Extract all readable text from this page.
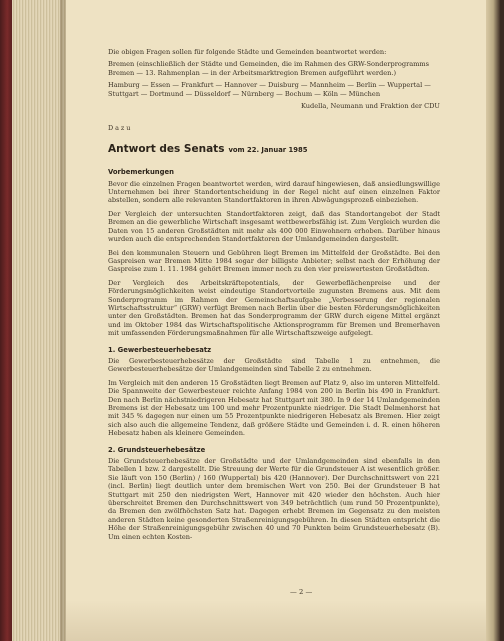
Die obigen Fragen sollen für folgende Städte und Gemeinden beantwortet werden:

Bremen (einschließlich der Städte und Gemeinden, die im Rahmen des GRW-Sonderprogramms Bremen — 13. Rahmenplan — in der Arbeitsmarktregion Bremen aufgeführt werden.)

Hamburg — Essen — Frankfurt — Hannover — Duisburg — Mannheim — Berlin — Wuppertal — Stuttgart — Dortmund — Düsseldorf — Nürnberg — Bochum — Köln — München

Kudella, Neumann und Fraktion der CDU

Dazu

Antwort des Senats vom 22. Januar 1985
Vorbemerkungen

Bevor die einzelnen Fragen beantwortet werden, wird darauf hingewiesen, daß ansiedlungswillige Unternehmen bei ihrer Standortentscheidung in der Regel nicht auf einen einzelnen Faktor abstellen, sondern alle relevanten Standortfaktoren in ihren Abwägungsprozeß einbeziehen.

Der Vergleich der untersuchten Standortfaktoren zeigt, daß das Standortangebot der Stadt Bremen an die gewerbliche Wirtschaft insgesamt wettbewerbsfähig ist. Zum Vergleich wurden die Daten von 15 anderen Großstädten mit mehr als 400 000 Einwohnern erhoben. Darüber hinaus wurden auch die entsprechenden Standortfaktoren der Umlandgemeinden dargestellt.

Bei den kommunalen Steuern und Gebühren liegt Bremen im Mittelfeld der Großstädte. Bei den Gaspreisen war Bremen Mitte 1984 sogar der billigste Anbieter; selbst nach der Erhöhung der Gaspreise zum 1. 11. 1984 gehört Bremen immer noch zu den vier preiswertesten Großstädten.

Der Vergleich des Arbeitskräftepotentials, der Gewerbeflächenpreise und der Förderungsmöglichkeiten weist eindeutige Standortvorteile zugunsten Bremens aus. Mit dem Sonderprogramm im Rahmen der Gemeinschaftsaufgabe „Verbesserung der regionalen Wirtschaftsstruktur“ (GRW) verfügt Bremen nach Berlin über die besten Förderungsmöglichkeiten unter den Großstädten. Bremen hat das Sonderprogramm der GRW durch eigene Mittel ergänzt und im Oktober 1984 das Wirtschaftspolitische Aktionsprogramm für Bremen und Bremerhaven mit umfassenden Förderungsmaßnahmen für alle Wirtschaftszweige aufgelegt.

1. Gewerbesteuerhebesatz

Die Gewerbesteuerhebesätze der Großstädte sind Tabelle 1 zu entnehmen, die Gewerbesteuerhebesätze der Umlandgemeinden sind Tabelle 2 zu entnehmen.

Im Vergleich mit den anderen 15 Großstädten liegt Bremen auf Platz 9, also im unteren Mittelfeld. Die Spannweite der Gewerbesteuer reichte Anfang 1984 von 200 in Berlin bis 490 in Frankfurt. Den nach Berlin nächstniedrigeren Hebesatz hat Stuttgart mit 380. In 9 der 14 Umlandgemeinden Bremens ist der Hebesatz um 100 und mehr Prozentpunkte niedriger. Die Stadt Delmenhorst hat mit 345 % dagegen nur einen um 55 Prozentpunkte niedrigeren Hebesatz als Bremen. Hier zeigt sich also auch die allgemeine Tendenz, daß größere Städte und Gemeinden i. d. R. einen höheren Hebesatz haben als kleinere Gemeinden.

2. Grundsteuerhebesätze

Die Grundsteuerhebesätze der Großstädte und der Umlandgemeinden sind ebenfalls in den Tabellen 1 bzw. 2 dargestellt. Die Streuung der Werte für die Grundsteuer A ist wesentlich größer. Sie läuft von 150 (Berlin) / 160 (Wuppertal) bis 420 (Hannover). Der Durchschnittswert von 221 (incl. Berlin) liegt deutlich unter dem bremischen Wert von 250. Bei der Grundsteuer B hat Stuttgart mit 250 den niedrigsten Wert, Hannover mit 420 wieder den höchsten. Auch hier überschreitet Bremen den Durchschnittswert von 349 beträchtlich (um rund 50 Prozentpunkte), da Bremen den zwölfhöchsten Satz hat. Dagegen erhebt Bremen im Gegensatz zu den meisten anderen Städten keine gesonderten Straßenreinigungsgebühren. In diesen Städten entspricht die Höhe der Straßenreinigungsgebühr zwischen 40 und 70 Punkten beim Grundsteuerhebesatz (B). Um einen echten Kosten-

— 2 —
